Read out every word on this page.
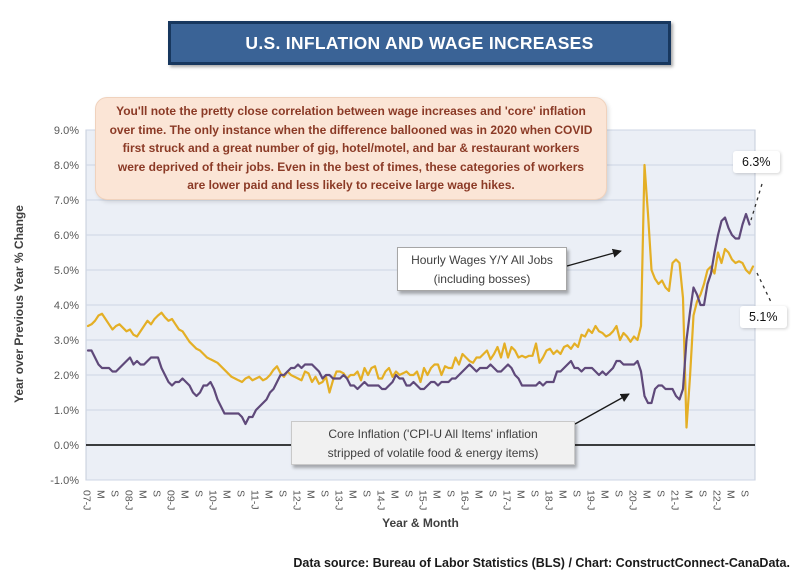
U.S. INFLATION AND WAGE INCREASES
9.0%
8.0%
7.0%
6.0%
5.0%
4.0%
3.0%
2.0%
1.0%
0.0%
-1.0%
07-J M S 08-J M S 09-J M S 10-J M S 11-J M S 12-J M S 13-J M S 14-J M S 15-J M S 16-J M S 17-J M S 18-J M S 19-J M S 20-J M S 21-J M S 22-J M S

You'll note the pretty close correlation between wage increases and 'core' inflation over time. The only instance when the difference ballooned was in 2020 when COVID first struck and a great number of gig, hotel/motel, and bar & restaurant workers were deprived of their jobs. Even in the best of times, these categories of workers are lower paid and less likely to receive large wage hikes.

Hourly Wages Y/Y All Jobs
(including bosses)
Core Inflation ('CPI-U All Items' inflation
stripped of volatile food & energy items)
6.3%
5.1%
Year & Month
Year over Previous Year % Change
Data source: Bureau of Labor Statistics (BLS) / Chart: ConstructConnect-CanaData.
